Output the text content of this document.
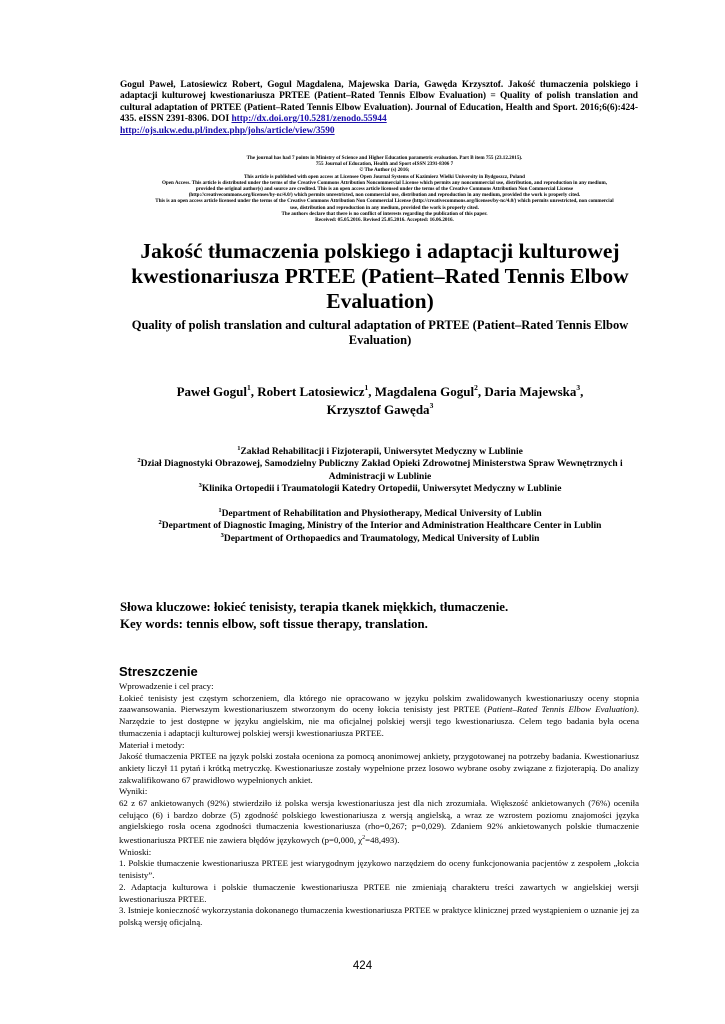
Gogul Paweł, Latosiewicz Robert, Gogul Magdalena, Majewska Daria, Gawęda Krzysztof. Jakość tłumaczenia polskiego i adaptacji kulturowej kwestionariusza PRTEE (Patient–Rated Tennis Elbow Evaluation) = Quality of polish translation and cultural adaptation of PRTEE (Patient–Rated Tennis Elbow Evaluation). Journal of Education, Health and Sport. 2016;6(6):424-435. eISSN 2391-8306. DOI http://dx.doi.org/10.5281/zenodo.55944
http://ojs.ukw.edu.pl/index.php/johs/article/view/3590
The journal has had 7 points in Ministry of Science and Higher Education parametric evaluation. Part B item 755 (23.12.2015).
755 Journal of Education, Health and Sport eISSN 2391-8306 7
© The Author (s) 2016;
This article is published with open access at Licensee Open Journal Systems of Kazimierz Wielki University in Bydgoszcz, Poland
Open Access. This article is distributed under the terms of the Creative Commons Attribution Noncommercial License which permits any noncommercial use, distribution, and reproduction in any medium,
provided the original author(s) and source are credited. This is an open access article licensed under the terms of the Creative Commons Attribution Non Commercial License
(http://creativecommons.org/licenses/by-nc/4.0/) which permits unrestricted, non commercial use, distribution and reproduction in any medium, provided the work is properly cited.
This is an open access article licensed under the terms of the Creative Commons Attribution Non Commercial License (http://creativecommons.org/licenses/by-nc/4.0/) which permits unrestricted, non commercial
use, distribution and reproduction in any medium, provided the work is properly cited.
The authors declare that there is no conflict of interests regarding the publication of this paper.
Received: 05.05.2016. Revised 25.05.2016. Accepted: 16.06.2016.
Jakość tłumaczenia polskiego i adaptacji kulturowej kwestionariusza PRTEE (Patient–Rated Tennis Elbow Evaluation)
Quality of polish translation and cultural adaptation of PRTEE (Patient–Rated Tennis Elbow Evaluation)
Paweł Gogul$^1$, Robert Latosiewicz$^1$, Magdalena Gogul$^2$, Daria Majewska$^3$,
Krzysztof Gawęda$^3$
$^1$Zakład Rehabilitacji i Fizjoterapii, Uniwersytet Medyczny w Lublinie
$^2$Dział Diagnostyki Obrazowej, Samodzielny Publiczny Zakład Opieki Zdrowotnej Ministerstwa Spraw Wewnętrznych i Administracji w Lublinie
$^3$Klinika Ortopedii i Traumatologii Katedry Ortopedii, Uniwersytet Medyczny w Lublinie
$^1$Department of Rehabilitation and Physiotherapy, Medical University of Lublin
$^2$Department of Diagnostic Imaging, Ministry of the Interior and Administration Healthcare Center in Lublin
$^3$Department of Orthopaedics and Traumatology, Medical University of Lublin
Słowa kluczowe: łokieć tenisisty, terapia tkanek miękkich, tłumaczenie.
Key words: tennis elbow, soft tissue therapy, translation.
Streszczenie

Wprowadzenie i cel pracy:

Łokieć tenisisty jest częstym schorzeniem, dla którego nie opracowano w języku polskim zwalidowanych kwestionariuszy oceny stopnia zaawansowania. Pierwszym kwestionariuszem stworzonym do oceny łokcia tenisisty jest PRTEE (Patient–Rated Tennis Elbow Evaluation). Narzędzie to jest dostępne w języku angielskim, nie ma oficjalnej polskiej wersji tego kwestionariusza. Celem tego badania była ocena tłumaczenia i adaptacji kulturowej polskiej wersji kwestionariusza PRTEE.

Materiał i metody:

Jakość tłumaczenia PRTEE na język polski została oceniona za pomocą anonimowej ankiety, przygotowanej na potrzeby badania. Kwestionariusz ankiety liczył 11 pytań i krótką metryczkę. Kwestionariusze zostały wypełnione przez losowo wybrane osoby związane z fizjoterapią. Do analizy zakwalifikowano 67 prawidłowo wypełnionych ankiet.

Wyniki:

62 z 67 ankietowanych (92%) stwierdziło iż polska wersja kwestionariusza jest dla nich zrozumiała. Większość ankietowanych (76%) oceniła celująco (6) i bardzo dobrze (5) zgodność polskiego kwestionariusza z wersją angielską, a wraz ze wzrostem poziomu znajomości języka angielskiego rosła ocena zgodności tłumaczenia kwestionariusza (rho=0,267; p=0,029). Zdaniem 92% ankietowanych polskie tłumaczenie kwestionariusza PRTEE nie zawiera błędów językowych (p=0,000, $\chi^2=48,493$).

Wnioski:

1. Polskie tłumaczenie kwestionariusza PRTEE jest wiarygodnym językowo narzędziem do oceny funkcjonowania pacjentów z zespołem „łokcia tenisisty”.

2. Adaptacja kulturowa i polskie tłumaczenie kwestionariusza PRTEE nie zmieniają charakteru treści zawartych w angielskiej wersji kwestionariusza PRTEE.

3. Istnieje konieczność wykorzystania dokonanego tłumaczenia kwestionariusza PRTEE w praktyce klinicznej przed wystąpieniem o uznanie jej za polską wersję oficjalną.

424
